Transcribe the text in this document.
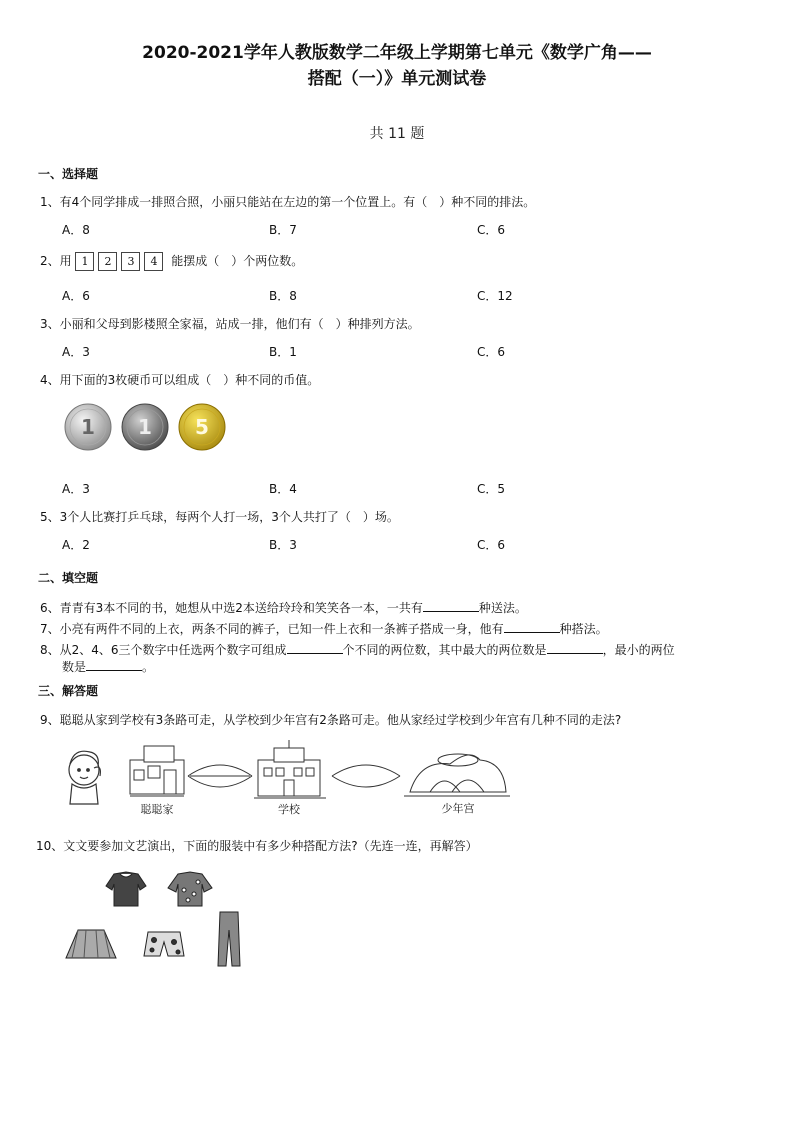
2020-2021学年人教版数学二年级上学期第七单元《数学广角——
搭配（一）》单元测试卷
共 11 题
一、选择题
1、有4个同学排成一排照合照，小丽只能站在左边的第一个位置上。有（　）种不同的排法。
A．8	B．7	C．6
2、用 1 2 3 4 能摆成（　）个两位数。
A．6	B．8	C．12
3、小丽和父母到影楼照全家福，站成一排，他们有（　）种排列方法。
A．3	B．1	C．6
4、用下面的3枚硬币可以组成（　）种不同的币值。
1 1 5
A．3	B．4	C．5
5、3个人比赛打乒乓球，每两个人打一场，3个人共打了（　）场。
A．2	B．3	C．6
二、填空题
6、青青有3本不同的书，她想从中选2本送给玲玲和笑笑各一本，一共有	种送法。
7、小亮有两件不同的上衣，两条不同的裤子，已知一件上衣和一条裤子搭成一身，他有	种搭法。
8、从2、4、6三个数字中任选两个数字可组成	个不同的两位数，其中最大的两位数是	，最小的两位
数是	。
三、解答题
9、聪聪从家到学校有3条路可走，从学校到少年宫有2条路可走。他从家经过学校到少年宫有几种不同的走法?
聪聪家	学校	少年宫
10、文文要参加文艺演出，下面的服装中有多少种搭配方法?（先连一连，再解答）
